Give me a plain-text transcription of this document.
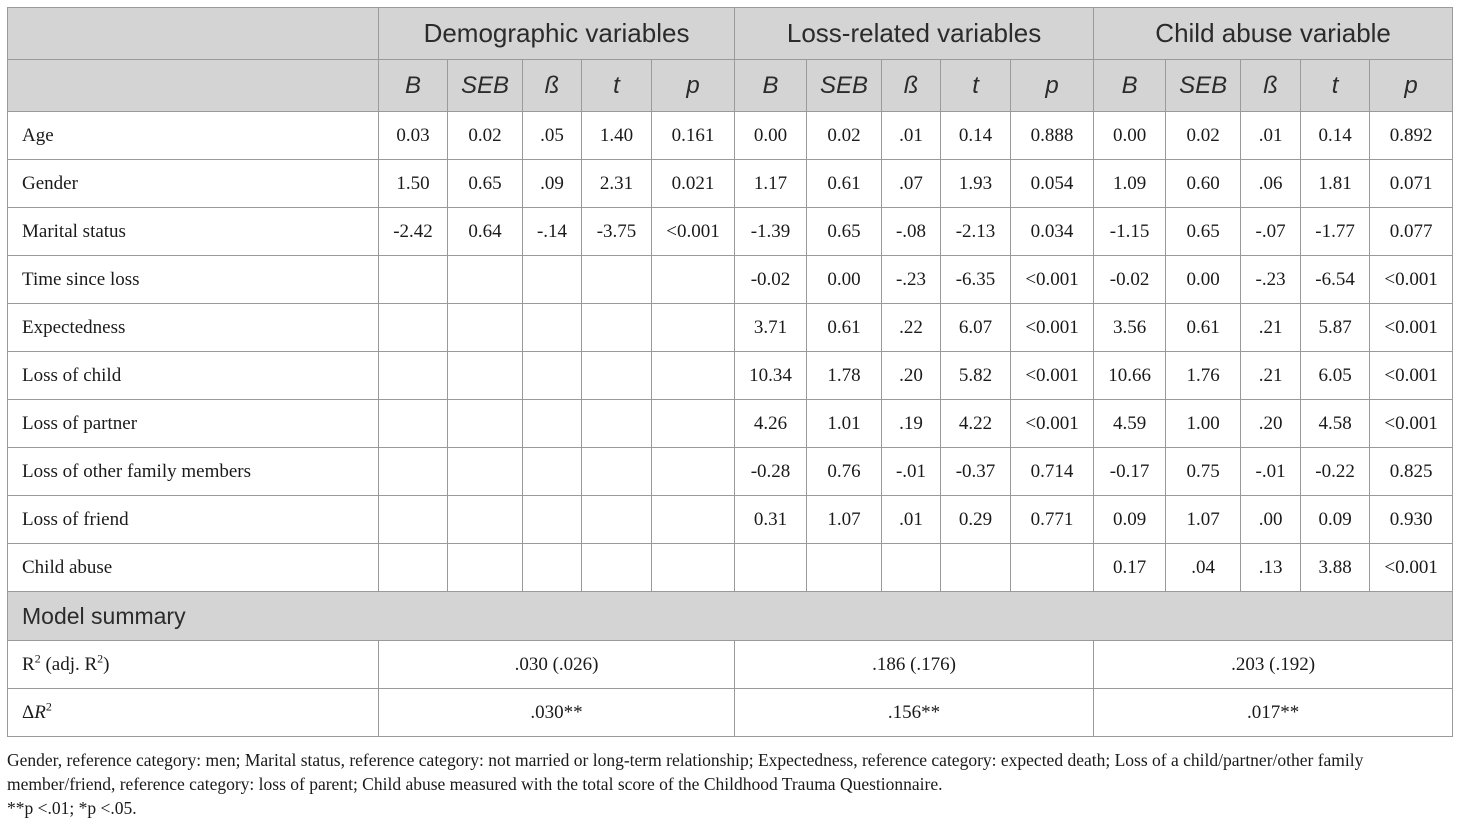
	Demographic variables					Loss-related variables					Child abuse variable				
	B	SEB	ß	t	p	B	SEB	ß	t	p	B	SEB	ß	t	p
Age	0.03	0.02	.05	1.40	0.161	0.00	0.02	.01	0.14	0.888	0.00	0.02	.01	0.14	0.892
Gender	1.50	0.65	.09	2.31	0.021	1.17	0.61	.07	1.93	0.054	1.09	0.60	.06	1.81	0.071
Marital status	-2.42	0.64	-.14	-3.75	<0.001	-1.39	0.65	-.08	-2.13	0.034	-1.15	0.65	-.07	-1.77	0.077
Time since loss						-0.02	0.00	-.23	-6.35	<0.001	-0.02	0.00	-.23	-6.54	<0.001
Expectedness						3.71	0.61	.22	6.07	<0.001	3.56	0.61	.21	5.87	<0.001
Loss of child						10.34	1.78	.20	5.82	<0.001	10.66	1.76	.21	6.05	<0.001
Loss of partner						4.26	1.01	.19	4.22	<0.001	4.59	1.00	.20	4.58	<0.001
Loss of other family members						-0.28	0.76	-.01	-0.37	0.714	-0.17	0.75	-.01	-0.22	0.825
Loss of friend						0.31	1.07	.01	0.29	0.771	0.09	1.07	.00	0.09	0.930
Child abuse											0.17	.04	.13	3.88	<0.001
Model summary															
$R^2$ (adj. $R^2$)	.030 (.026)					.186 (.176)					.203 (.192)				
$\Delta R^2$	.030**					.156**					.017**				
Gender, reference category: men; Marital status, reference category: not married or long-term relationship; Expectedness, reference category: expected death; Loss of a child/partner/other family member/friend, reference category: loss of parent; Child abuse measured with the total score of the Childhood Trauma Questionnaire.
**p <.01; *p <.05.
